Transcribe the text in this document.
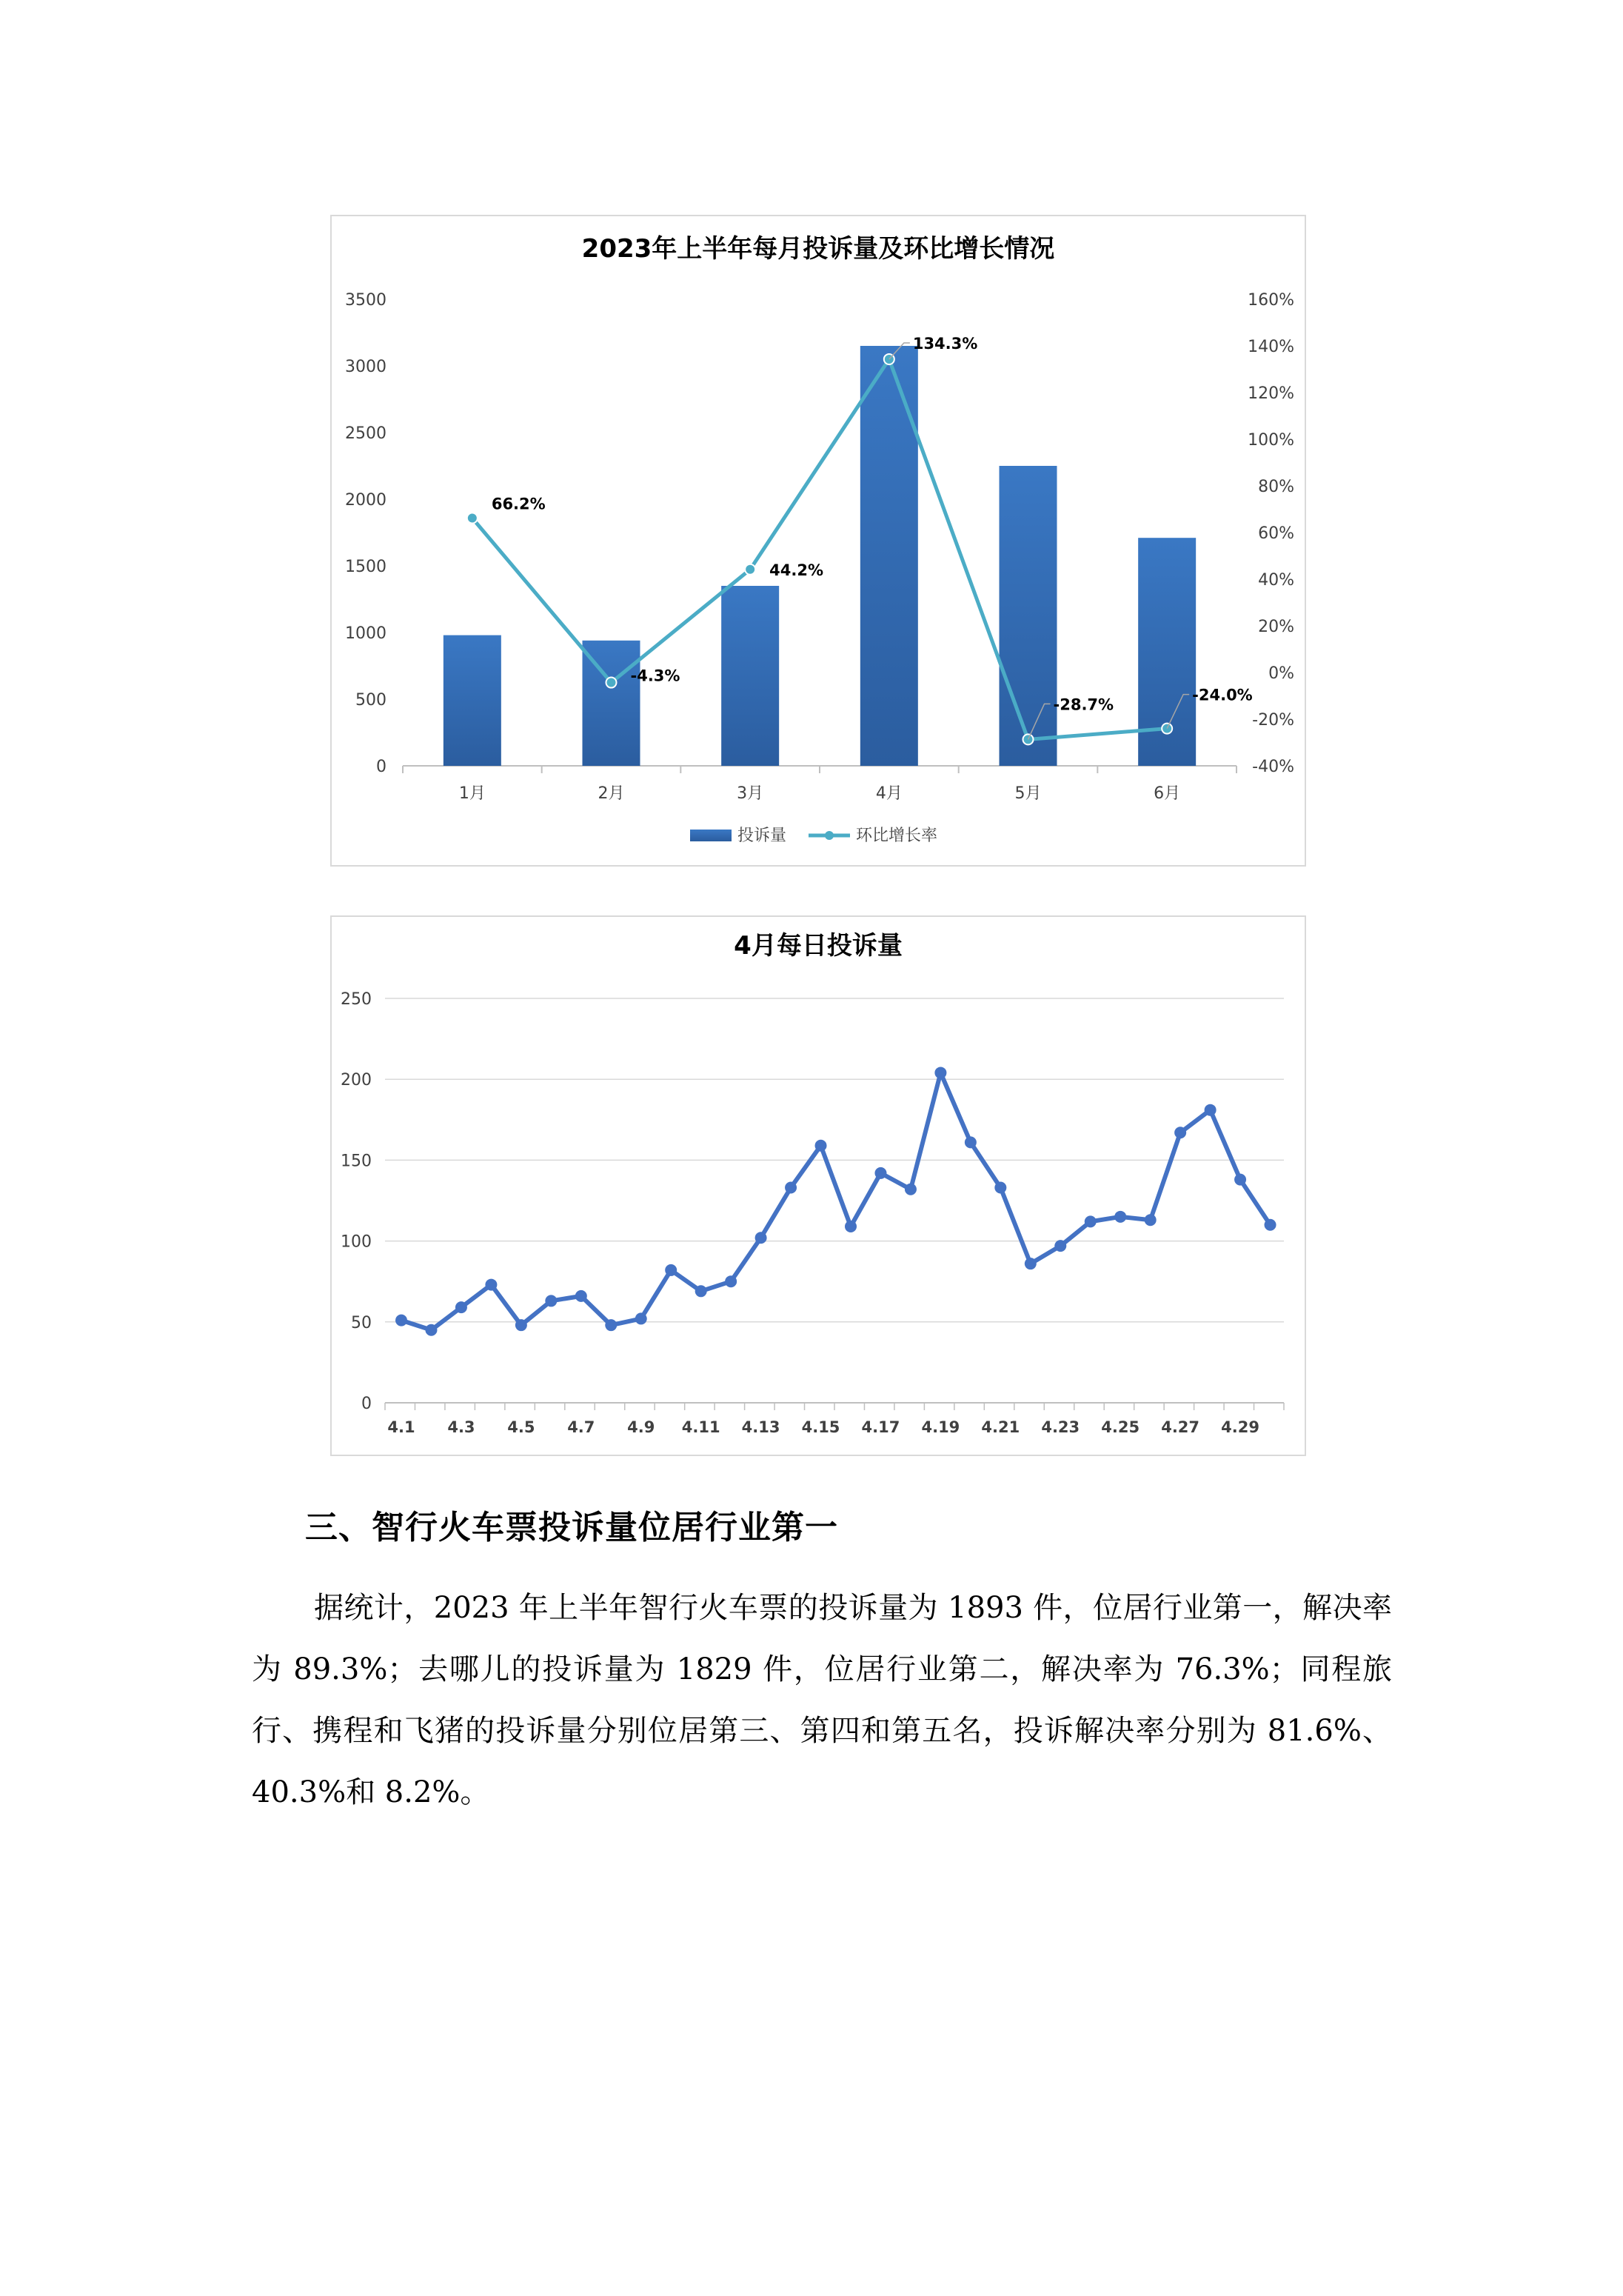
2023年上半年每月投诉量及环比增长情况
0
500
1000
1500
2000
2500
3000
3500
-40%
-20%
0%
20%
40%
60%
80%
100%
120%
140%
160%
1月	2月	3月	4月	5月	6月
66.2%
-4.3%
44.2%
134.3%
-28.7%
-24.0%
投诉量	环比增长率
4月每日投诉量
0
50
100
150
200
250
4.1 4.3 4.5 4.7 4.9 4.11 4.13 4.15 4.17 4.19 4.21 4.23 4.25 4.27 4.29
三、智行火车票投诉量位居行业第一
据统计，2023 年上半年智行火车票的投诉量为 1893 件，位居行业第一，解决率为 89.3%；去哪儿的投诉量为 1829 件，位居行业第二，解决率为 76.3%；同程旅行、携程和飞猪的投诉量分别位居第三、第四和第五名，投诉解决率分别为 81.6%、40.3%和 8.2%。
